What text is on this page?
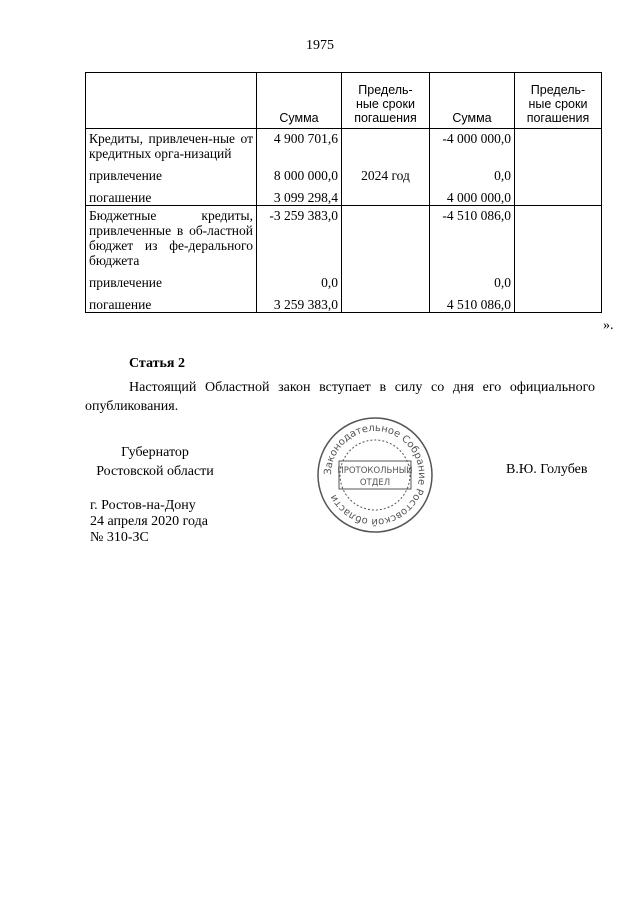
1975
	Сумма	Предель-
ные сроки
погашения	Сумма	Предель-
ные сроки
погашения
Кредиты, привлечен-ные от кредитных орга-низаций	4 900 701,6		-4 000 000,0	
привлечение	8 000 000,0	2024 год	0,0	
погашение	3 099 298,4		4 000 000,0	
Бюджетные кредиты, привлеченные в об-ластной бюджет из фе-дерального бюджета	-3 259 383,0		-4 510 086,0	
привлечение	0,0		0,0	
погашение	3 259 383,0		4 510 086,0	
».
Статья 2
Настоящий Областной закон вступает в силу со дня его официального опубликования.
Губернатор
Ростовской области	В.Ю. Голубев
г. Ростов-на-Дону
24 апреля 2020 года
№ 310-ЗС
Законодательное Собрание Ростовской области
ПРОТОКОЛЬНЫЙ
ОТДЕЛ
